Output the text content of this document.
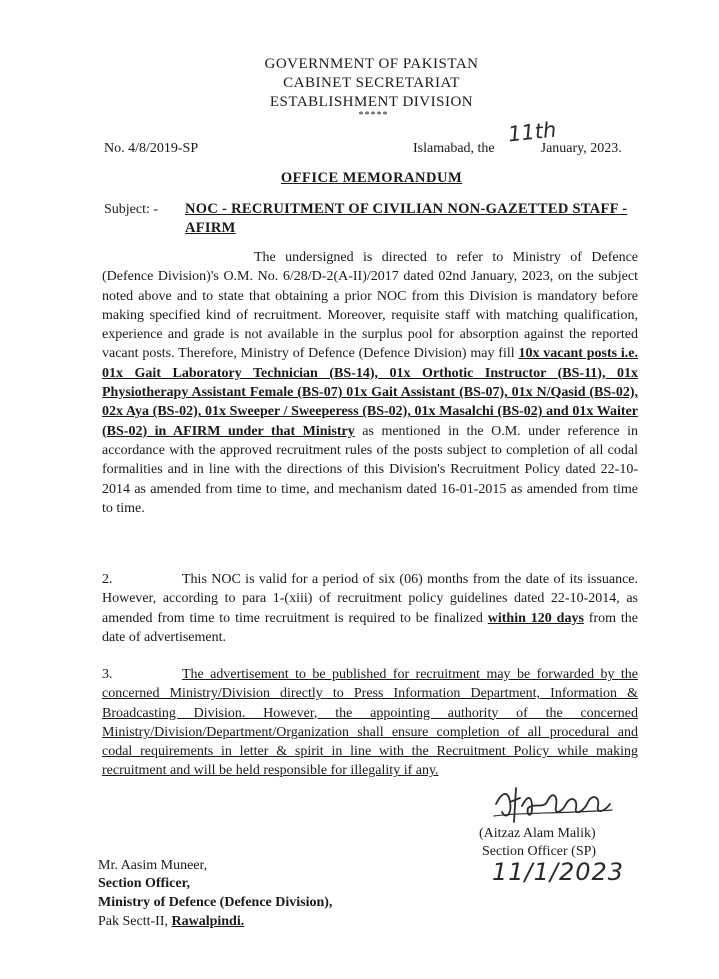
GOVERNMENT OF PAKISTAN
CABINET SECRETARIAT
ESTABLISHMENT DIVISION
*****
No. 4/8/2019-SP	Islamabad, the	January, 2023.
11th
OFFICE MEMORANDUM
Subject: - NOC - RECRUITMENT OF CIVILIAN NON-GAZETTED STAFF - AFIRM
The undersigned is directed to refer to Ministry of Defence (Defence Division)'s O.M. No. 6/28/D-2(A-II)/2017 dated 02nd January, 2023, on the subject noted above and to state that obtaining a prior NOC from this Division is mandatory before making specified kind of recruitment. Moreover, requisite staff with matching qualification, experience and grade is not available in the surplus pool for absorption against the reported vacant posts. Therefore, Ministry of Defence (Defence Division) may fill 10x vacant posts i.e. 01x Gait Laboratory Technician (BS-14), 01x Orthotic Instructor (BS-11), 01x Physiotherapy Assistant Female (BS-07) 01x Gait Assistant (BS-07), 01x N/Qasid (BS-02), 02x Aya (BS-02), 01x Sweeper / Sweeperess (BS-02), 01x Masalchi (BS-02) and 01x Waiter (BS-02) in AFIRM under that Ministry as mentioned in the O.M. under reference in accordance with the approved recruitment rules of the posts subject to completion of all codal formalities and in line with the directions of this Division's Recruitment Policy dated 22-10-2014 as amended from time to time, and mechanism dated 16-01-2015 as amended from time to time.
2.	This NOC is valid for a period of six (06) months from the date of its issuance. However, according to para 1-(xiii) of recruitment policy guidelines dated 22-10-2014, as amended from time to time recruitment is required to be finalized within 120 days from the date of advertisement.
3.	The advertisement to be published for recruitment may be forwarded by the concerned Ministry/Division directly to Press Information Department, Information & Broadcasting Division. However, the appointing authority of the concerned Ministry/Division/Department/Organization shall ensure completion of all procedural and codal requirements in letter & spirit in line with the Recruitment Policy while making recruitment and will be held responsible for illegality if any.
(Aitzaz Alam Malik)
Section Officer (SP)
11/1/2023
Mr. Aasim Muneer,
Section Officer,
Ministry of Defence (Defence Division),
Pak Sectt-II, Rawalpindi.
